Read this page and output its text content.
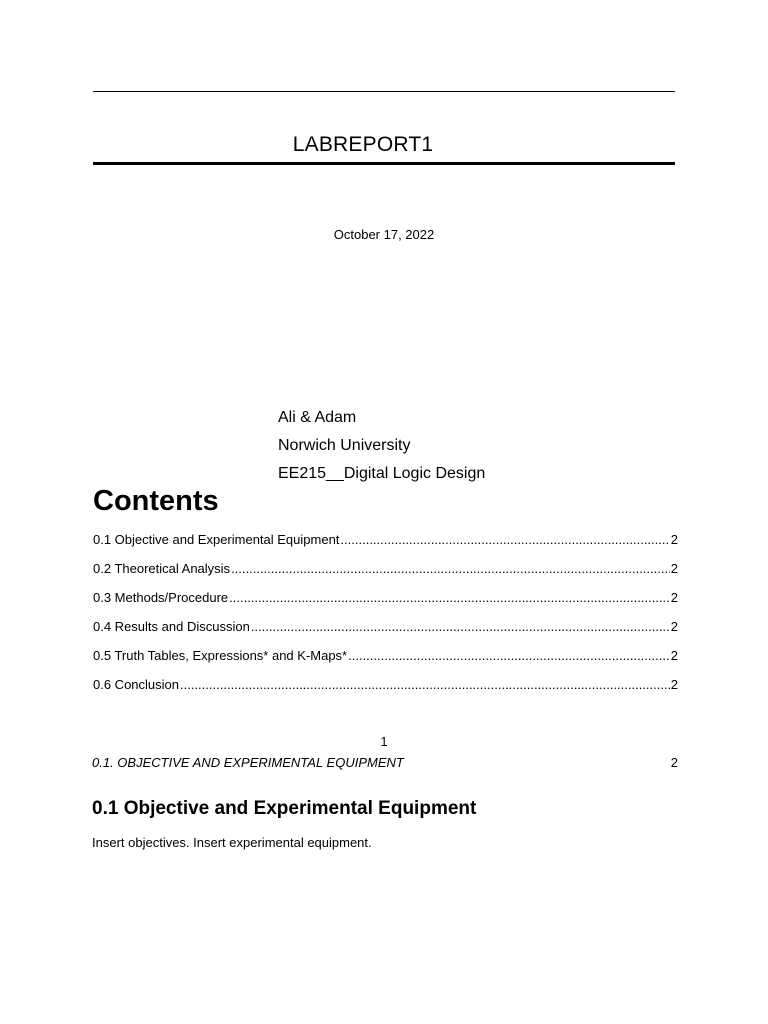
LABREPORT1
October 17, 2022
Ali & Adam
Norwich University
EE215__Digital Logic Design
Contents
0.1 Objective and Experimental Equipment .....	2
0.2 Theoretical Analysis .....	2
0.3 Methods/Procedure .....	2
0.4 Results and Discussion .....	2
0.5 Truth Tables, Expressions* and K-Maps* .....	2
0.6 Conclusion .....	2
1
0.1. OBJECTIVE AND EXPERIMENTAL EQUIPMENT	2
0.1 Objective and Experimental Equipment
Insert objectives. Insert experimental equipment.
